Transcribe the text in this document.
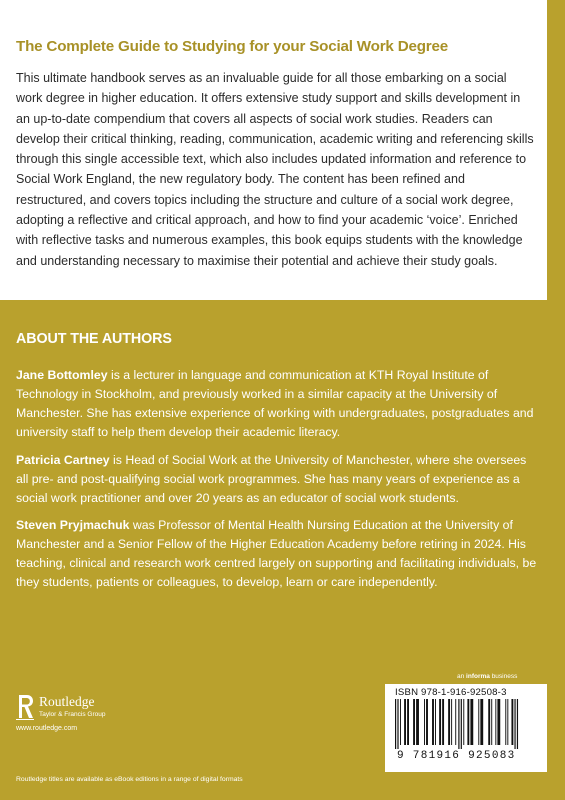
The Complete Guide to Studying for your Social Work Degree

This ultimate handbook serves as an invaluable guide for all those embarking on a social work degree in higher education. It offers extensive study support and skills development in an up-to-date compendium that covers all aspects of social work studies. Readers can develop their critical thinking, reading, communication, academic writing and referencing skills through this single accessible text, which also includes updated information and reference to Social Work England, the new regulatory body. The content has been refined and restructured, and covers topics including the structure and culture of a social work degree, adopting a reflective and critical approach, and how to find your academic ‘voice’. Enriched with reflective tasks and numerous examples, this book equips students with the knowledge and understanding necessary to maximise their potential and achieve their study goals.

ABOUT THE AUTHORS

Jane Bottomley is a lecturer in language and communication at KTH Royal Institute of Technology in Stockholm, and previously worked in a similar capacity at the University of Manchester. She has extensive experience of working with undergraduates, postgraduates and university staff to help them develop their academic literacy.

Patricia Cartney is Head of Social Work at the University of Manchester, where she oversees all pre- and post-qualifying social work programmes. She has many years of experience as a social work practitioner and over 20 years as an educator of social work students.

Steven Pryjmachuk was Professor of Mental Health Nursing Education at the University of Manchester and a Senior Fellow of the Higher Education Academy before retiring in 2024. His teaching, clinical and research work centred largely on supporting and facilitating individuals, be they students, patients or colleagues, to develop, learn or care independently.

an informa business
ISBN 978-1-916-92508-3
9 781916 925083
Routledge
Taylor & Francis Group
www.routledge.com
Routledge titles are available as eBook editions in a range of digital formats
